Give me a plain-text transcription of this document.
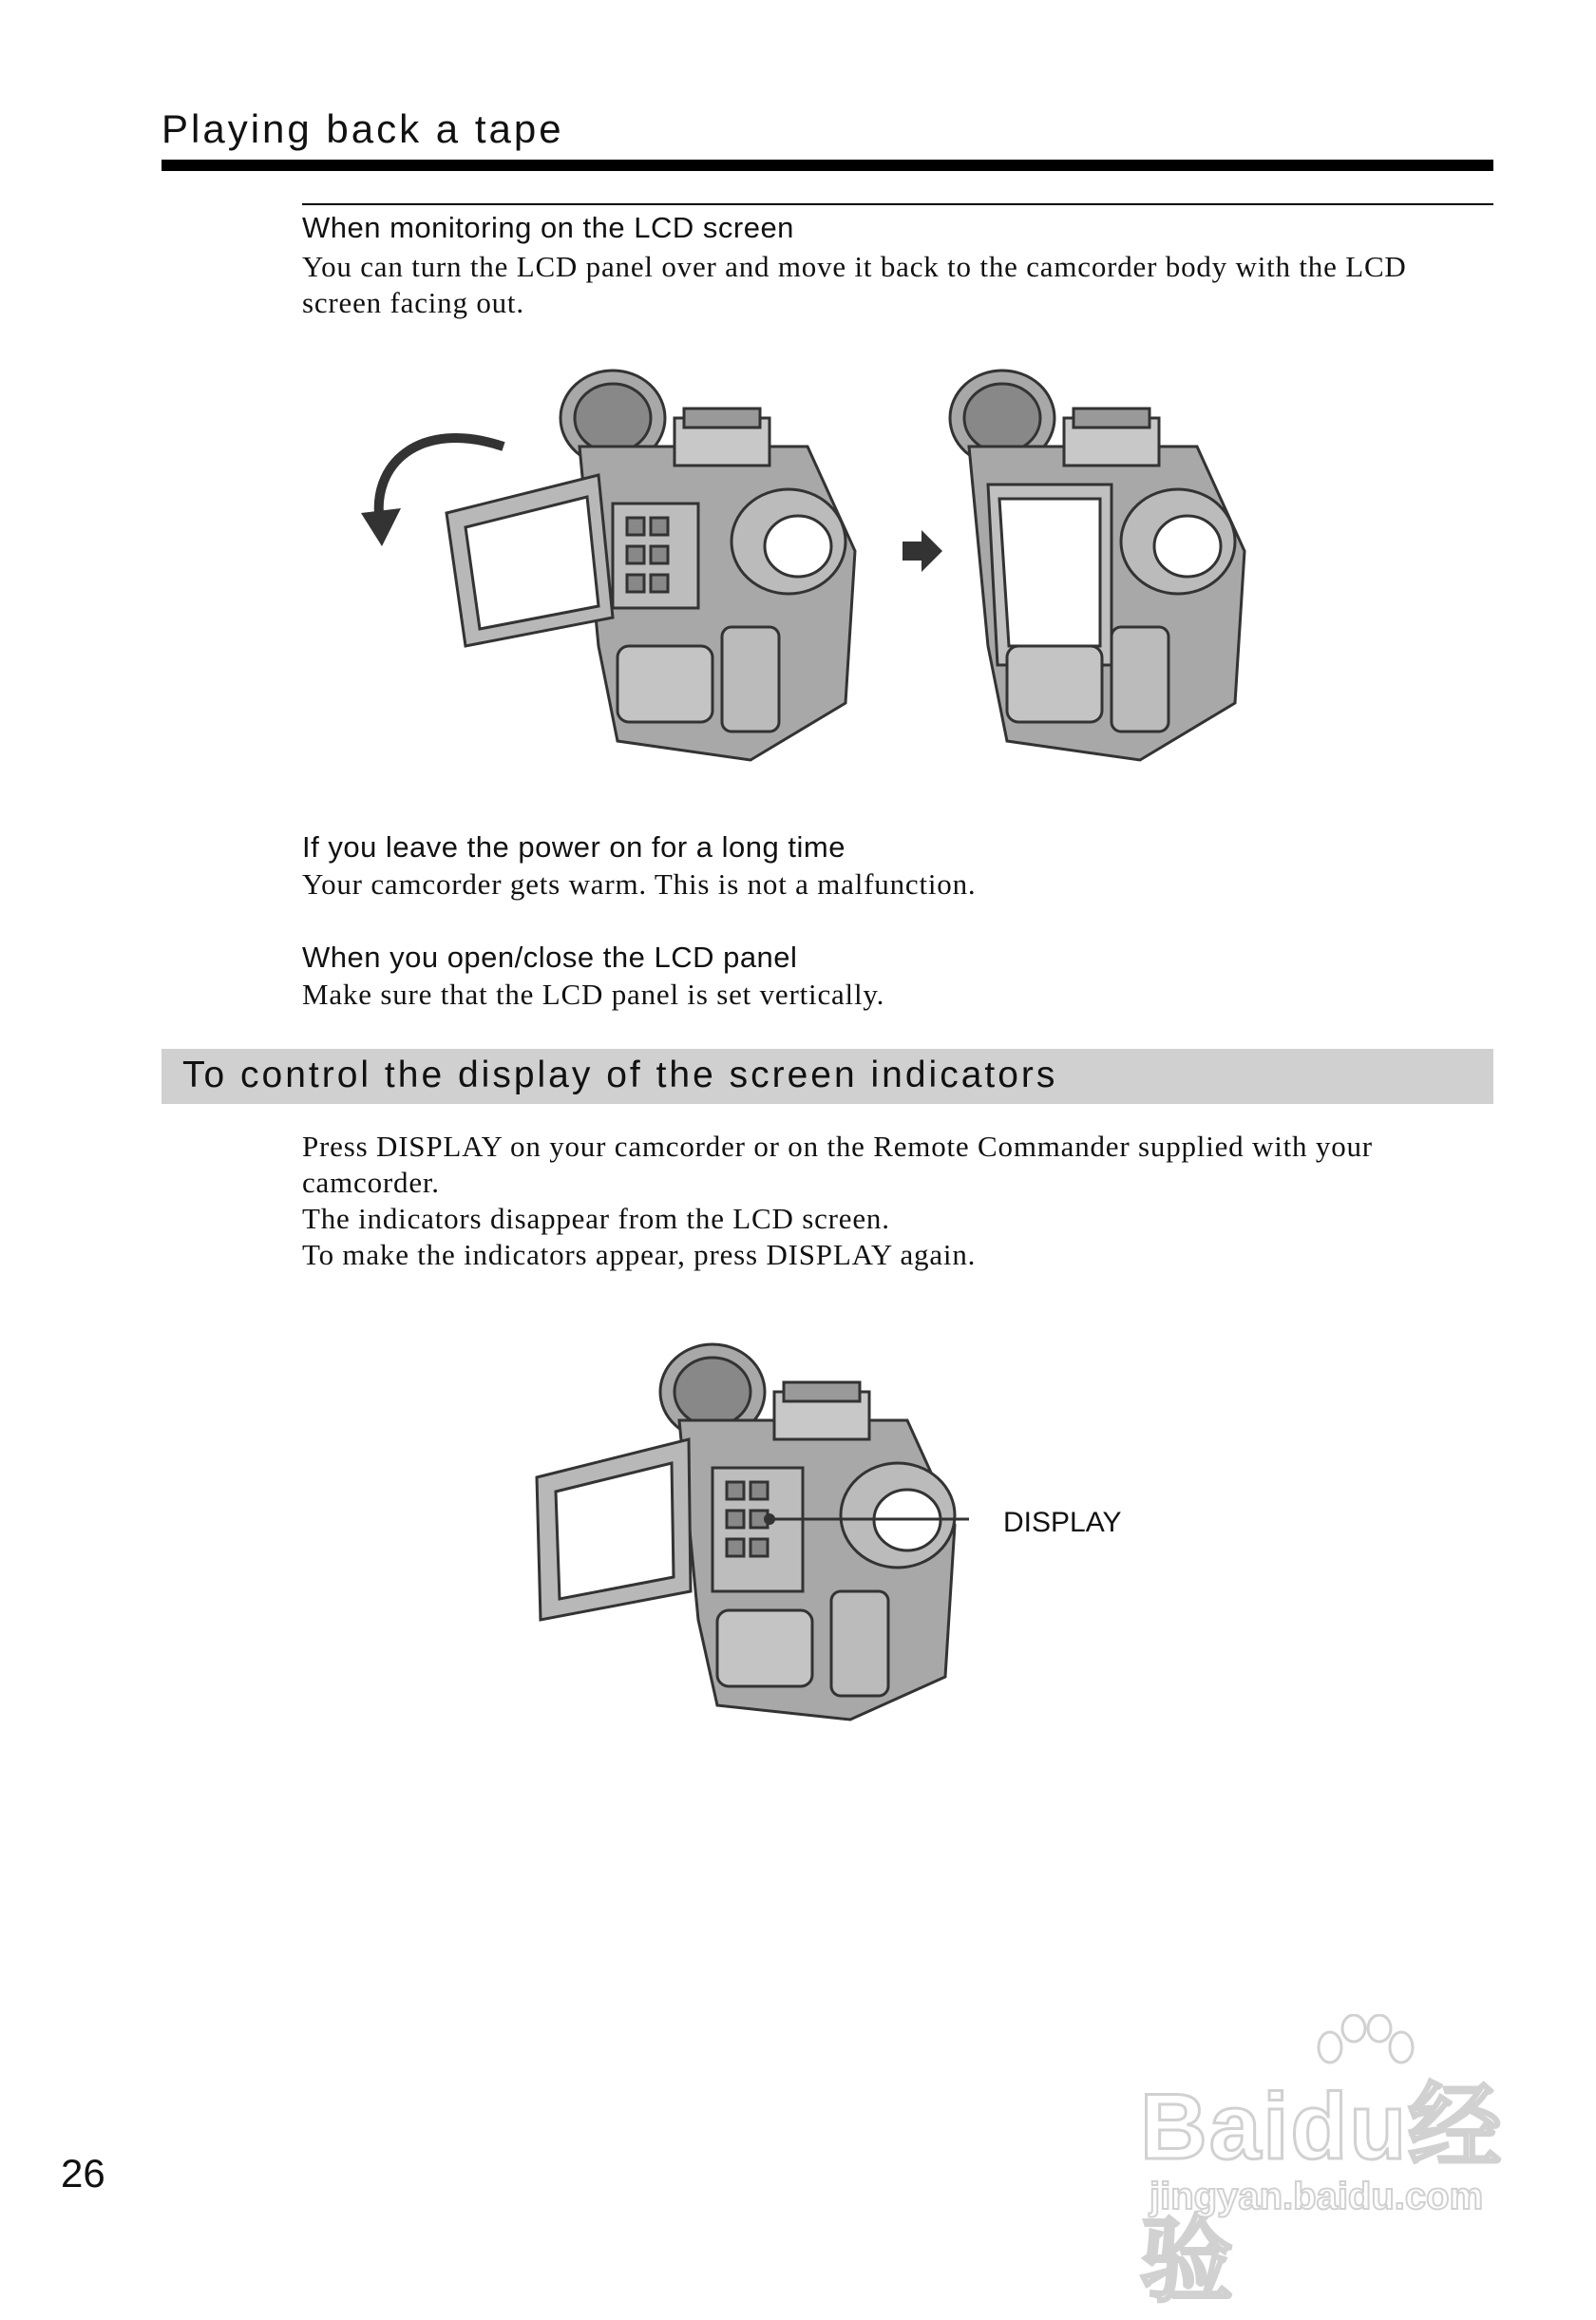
Playing back a tape
When monitoring on the LCD screen
You can turn the LCD panel over and move it back to the camcorder body with the LCD screen facing out.
If you leave the power on for a long time
Your camcorder gets warm. This is not a malfunction.
When you open/close the LCD panel
Make sure that the LCD panel is set vertically.
To control the display of the screen indicators
Press DISPLAY on your camcorder or on the Remote Commander supplied with your camcorder.
The indicators disappear from the LCD screen.
To make the indicators appear, press DISPLAY again.
DISPLAY
Baidu经验
jingyan.baidu.com
26
